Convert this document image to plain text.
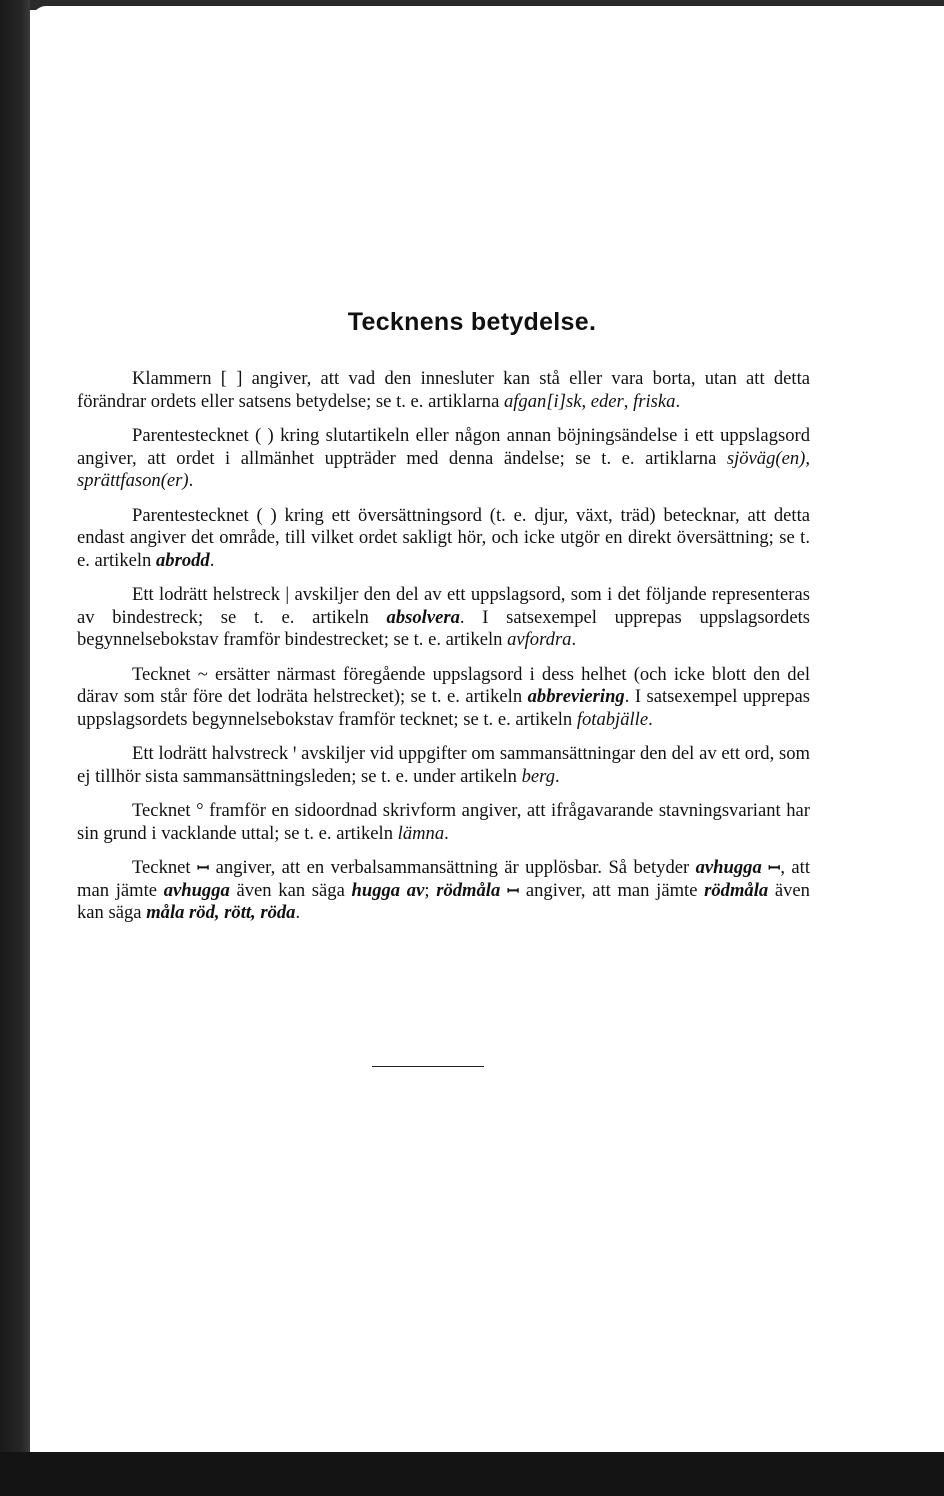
Tecknens betydelse.

Klammern [ ] angiver, att vad den innesluter kan stå eller vara borta, utan att detta förändrar ordets eller satsens betydelse; se t. e. artiklarna afgan[i]sk, eder, friska.

Parentestecknet ( ) kring slutartikeln eller någon annan böjningsändelse i ett uppslagsord angiver, att ordet i allmänhet uppträder med denna ändelse; se t. e. artiklarna sjöväg(en), sprättfason(er).

Parentestecknet ( ) kring ett översättningsord (t. e. djur, växt, träd) betecknar, att detta endast angiver det område, till vilket ordet sakligt hör, och icke utgör en direkt översättning; se t. e. artikeln abrodd.

Ett lodrätt helstreck | avskiljer den del av ett uppslagsord, som i det följande representeras av bindestreck; se t. e. artikeln absolvera. I satsexempel upprepas uppslagsordets begynnelsebokstav framför bindestrecket; se t. e. artikeln avfordra.

Tecknet ~ ersätter närmast föregående uppslagsord i dess helhet (och icke blott den del därav som står före det lodräta helstrecket); se t. e. artikeln abbreviering. I satsexempel upprepas uppslagsordets begynnelsebokstav framför tecknet; se t. e. artikeln fotabjälle.

Ett lodrätt halvstreck ꞌ avskiljer vid uppgifter om sammansättningar den del av ett ord, som ej tillhör sista sammansättningsleden; se t. e. under artikeln berg.

Tecknet ° framför en sidoordnad skrivform angiver, att ifrågavarande stavningsvariant har sin grund i vacklande uttal; se t. e. artikeln lämna.

Tecknet ꟷ angiver, att en verbalsammansättning är upplösbar. Så betyder avhugga ꟷ, att man jämte avhugga även kan säga hugga av; rödmåla ꟷ angiver, att man jämte rödmåla även kan säga måla röd, rött, röda.
